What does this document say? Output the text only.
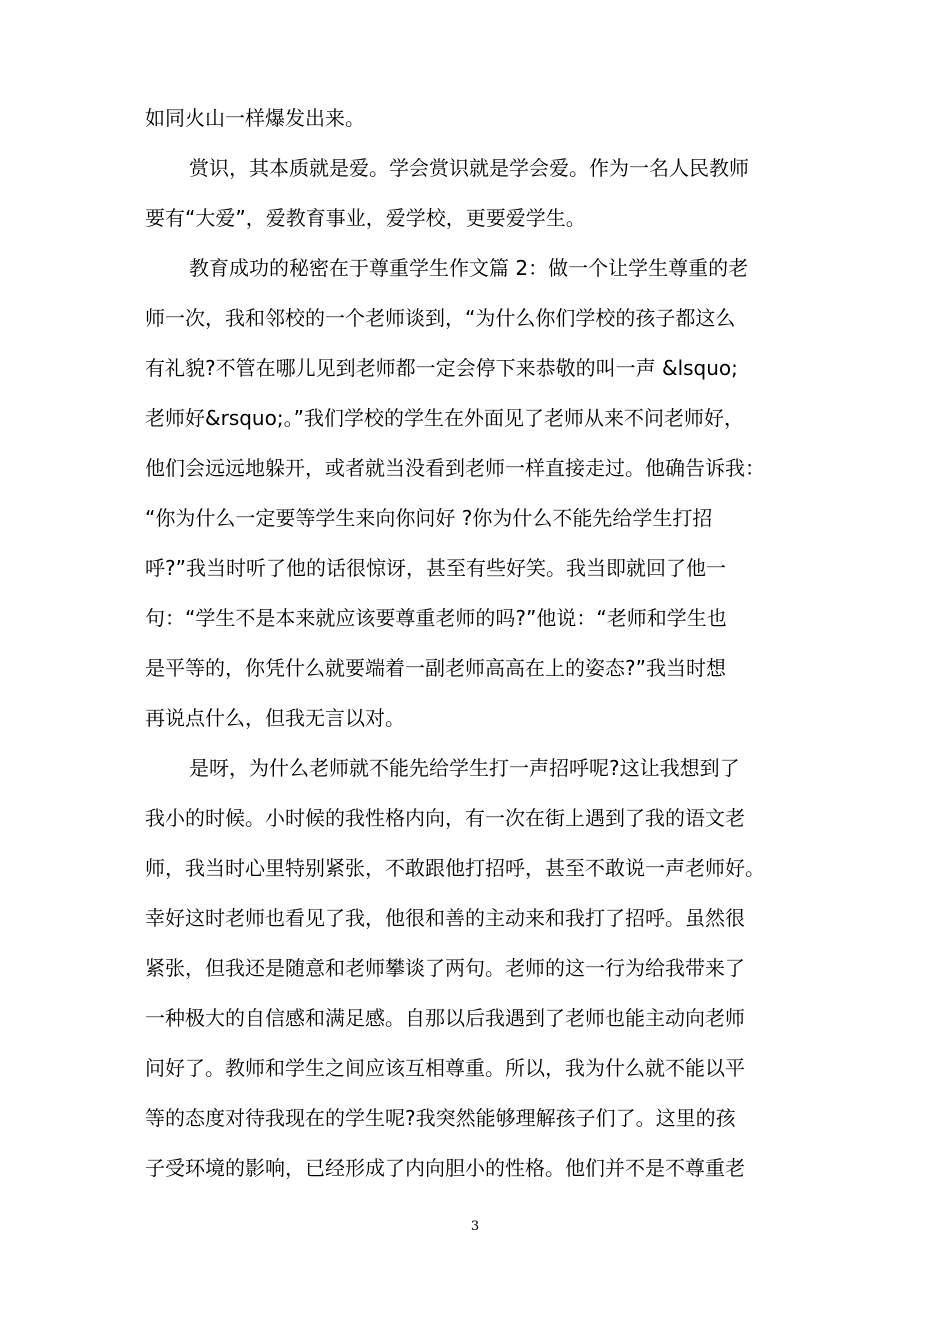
如同火山一样爆发出来。
赏识，其本质就是爱。学会赏识就是学会爱。作为一名人民教师
要有“大爱”，爱教育事业，爱学校，更要爱学生。
教育成功的秘密在于尊重学生作文篇 2：做一个让学生尊重的老
师一次，我和邻校的一个老师谈到，“为什么你们学校的孩子都这么
有礼貌?不管在哪儿见到老师都一定会停下来恭敬的叫一声 &lsquo;
老师好&rsquo;。”我们学校的学生在外面见了老师从来不问老师好，
他们会远远地躲开，或者就当没看到老师一样直接走过。他确告诉我：
“你为什么一定要等学生来向你问好 ?你为什么不能先给学生打招
呼?”我当时听了他的话很惊讶，甚至有些好笑。我当即就回了他一
句：“学生不是本来就应该要尊重老师的吗?”他说：“老师和学生也
是平等的，你凭什么就要端着一副老师高高在上的姿态?”我当时想
再说点什么，但我无言以对。
是呀，为什么老师就不能先给学生打一声招呼呢?这让我想到了
我小的时候。小时候的我性格内向，有一次在街上遇到了我的语文老
师，我当时心里特别紧张，不敢跟他打招呼，甚至不敢说一声老师好。
幸好这时老师也看见了我，他很和善的主动来和我打了招呼。虽然很
紧张，但我还是随意和老师攀谈了两句。老师的这一行为给我带来了
一种极大的自信感和满足感。自那以后我遇到了老师也能主动向老师
问好了。教师和学生之间应该互相尊重。所以，我为什么就不能以平
等的态度对待我现在的学生呢?我突然能够理解孩子们了。这里的孩
子受环境的影响，已经形成了内向胆小的性格。他们并不是不尊重老
3
